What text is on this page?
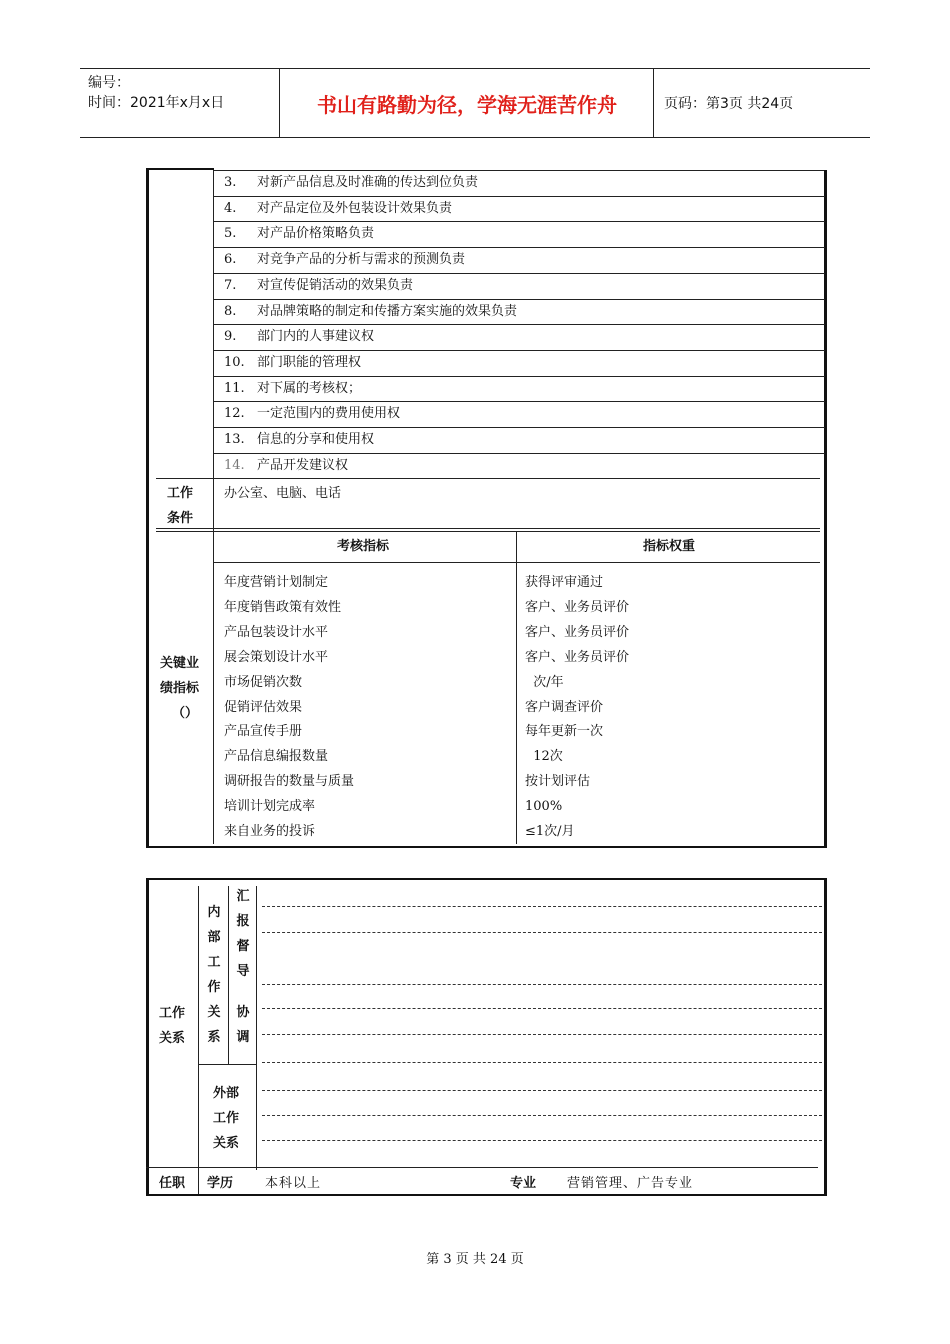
编号：
时间：2021年x月x日	书山有路勤为径，学海无涯苦作舟	页码：第3页 共24页
3. 对新产品信息及时准确的传达到位负责
4. 对产品定位及外包装设计效果负责
5. 对产品价格策略负责
6. 对竞争产品的分析与需求的预测负责
7. 对宣传促销活动的效果负责
8. 对品牌策略的制定和传播方案实施的效果负责
9. 部门内的人事建议权
10. 部门职能的管理权
11. 对下属的考核权；
12. 一定范围内的费用使用权
13. 信息的分享和使用权
14. 产品开发建议权
工作
条件
办公室、电脑、电话
考核指标	指标权重
关键业
绩指标
（）
年度营销计划制定	获得评审通过
年度销售政策有效性	客户、业务员评价
产品包装设计水平	客户、业务员评价
展会策划设计水平	客户、业务员评价
市场促销次数	次/年
促销评估效果	客户调查评价
产品宣传手册	每年更新一次
产品信息编报数量	12次
调研报告的数量与质量	按计划评估
培训计划完成率	100%
来自业务的投诉	≤1次/月
工作
关系
内
部
工
作
关
系
汇
报
督
导
协
调
外部
工作
关系
任职 学历 本科以上	专业 营销管理、广告专业
第 3 页 共 24 页
